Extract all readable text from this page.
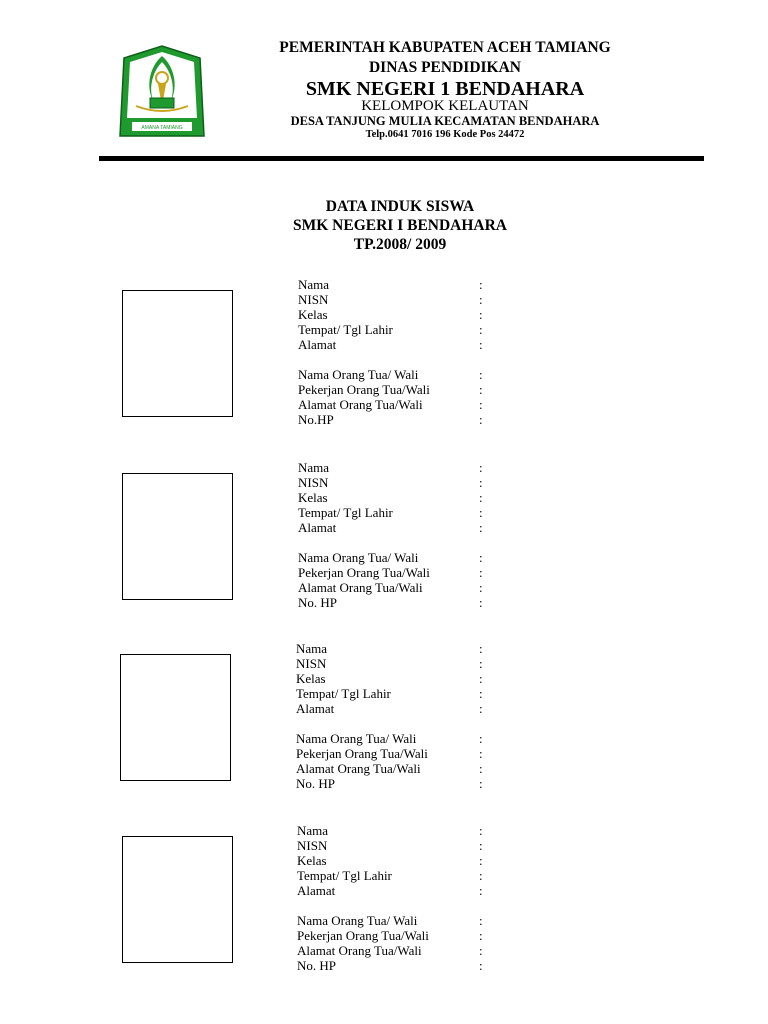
AMANA TAMIANG
PEMERINTAH KABUPATEN ACEH TAMIANG
DINAS PENDIDIKAN
SMK NEGERI 1 BENDAHARA
KELOMPOK KELAUTAN
DESA TANJUNG MULIA KECAMATAN BENDAHARA
Telp.0641 7016 196 Kode Pos 24472
DATA INDUK SISWA
SMK NEGERI I BENDAHARA
TP.2008/ 2009
Nama	:
NISN	:
Kelas	:
Tempat/ Tgl Lahir	:
Alamat	:
Nama Orang Tua/ Wali	:
Pekerjan Orang Tua/Wali	:
Alamat Orang Tua/Wali	:
No.HP	:
Nama	:
NISN	:
Kelas	:
Tempat/ Tgl Lahir	:
Alamat	:
Nama Orang Tua/ Wali	:
Pekerjan Orang Tua/Wali	:
Alamat Orang Tua/Wali	:
No. HP	:
Nama	:
NISN	:
Kelas	:
Tempat/ Tgl Lahir	:
Alamat	:
Nama Orang Tua/ Wali	:
Pekerjan Orang Tua/Wali	:
Alamat Orang Tua/Wali	:
No. HP	:
Nama	:
NISN	:
Kelas	:
Tempat/ Tgl Lahir	:
Alamat	:
Nama Orang Tua/ Wali	:
Pekerjan Orang Tua/Wali	:
Alamat Orang Tua/Wali	:
No. HP	:
